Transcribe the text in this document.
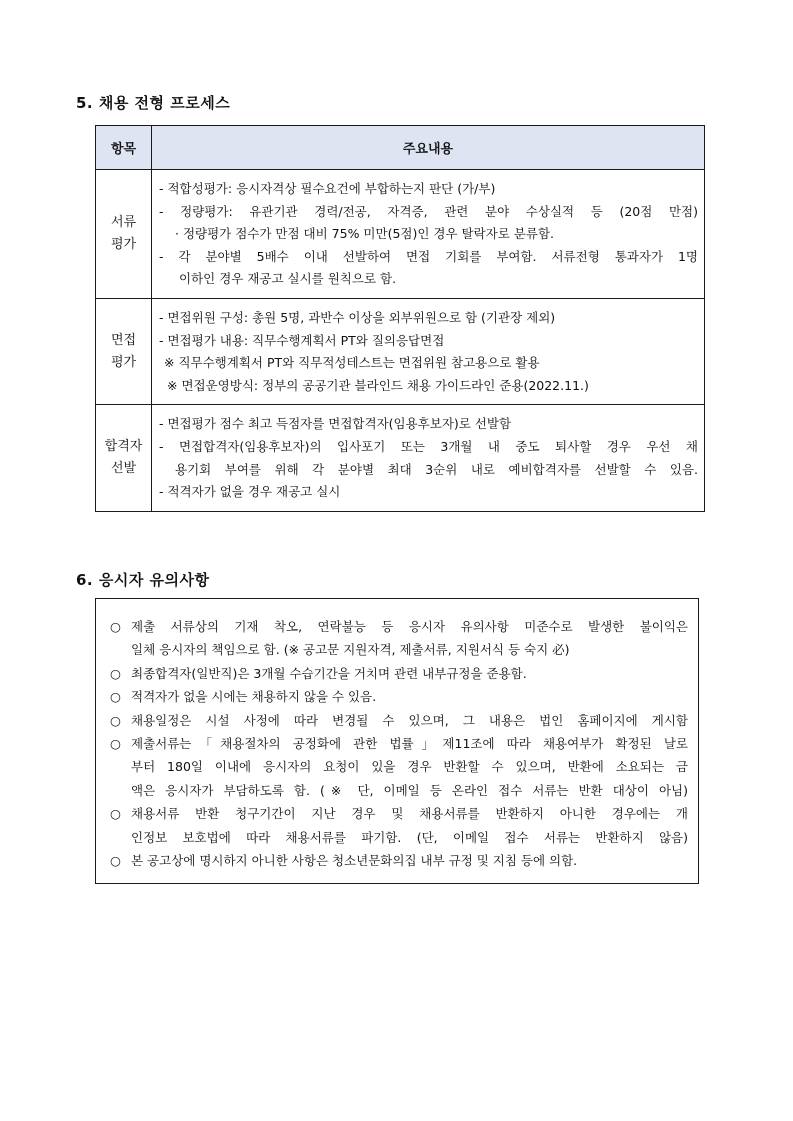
5. 채용 전형 프로세스
항목	주요내용

서류
평가	- 적합성평가: 응시자격상 필수요건에 부합하는지 판단 (가/부)
- 정량평가: 유관기관 경력/전공, 자격증, 관련 분야 수상실적 등 (20점 만점)
· 정량평가 점수가 만점 대비 75% 미만(5점)인 경우 탈락자로 분류함.
- 각 분야별 5배수 이내 선발하여 면접 기회를 부여함. 서류전형 통과자가 1명
이하인 경우 재공고 실시를 원칙으로 함.

면접
평가	- 면접위원 구성: 총원 5명, 과반수 이상을 외부위원으로 함 (기관장 제외)
- 면접평가 내용: 직무수행계획서 PT와 질의응답면접
※ 직무수행계획서 PT와 직무적성테스트는 면접위원 참고용으로 활용
※ 면접운영방식: 정부의 공공기관 블라인드 채용 가이드라인 준용(2022.11.)

합격자
선발	- 면접평가 점수 최고 득점자를 면접합격자(임용후보자)로 선발함
- 면접합격자(임용후보자)의 입사포기 또는 3개월 내 중도 퇴사할 경우 우선 채
용기회 부여를 위해 각 분야별 최대 3순위 내로 예비합격자를 선발할 수 있음.
- 적격자가 없을 경우 재공고 실시
6. 응시자 유의사항
○ 제출 서류상의 기재 착오, 연락불능 등 응시자 유의사항 미준수로 발생한 불이익은
일체 응시자의 책임으로 함. (※ 공고문 지원자격, 제출서류, 지원서식 등 숙지 必)
○ 최종합격자(일반직)은 3개월 수습기간을 거치며 관련 내부규정을 준용함.
○ 적격자가 없을 시에는 채용하지 않을 수 있음.
○ 채용일정은 시설 사정에 따라 변경될 수 있으며, 그 내용은 법인 홈페이지에 게시함
○ 제출서류는「채용절차의 공정화에 관한 법률」제11조에 따라 채용여부가 확정된 날로
부터 180일 이내에 응시자의 요청이 있을 경우 반환할 수 있으며, 반환에 소요되는 금
액은 응시자가 부담하도록 함. (※ 단, 이메일 등 온라인 접수 서류는 반환 대상이 아님)
○ 채용서류 반환 청구기간이 지난 경우 및 채용서류를 반환하지 아니한 경우에는 개
인정보 보호법에 따라 채용서류를 파기함. (단, 이메일 접수 서류는 반환하지 않음)
○ 본 공고상에 명시하지 아니한 사항은 청소년문화의집 내부 규정 및 지침 등에 의함.
